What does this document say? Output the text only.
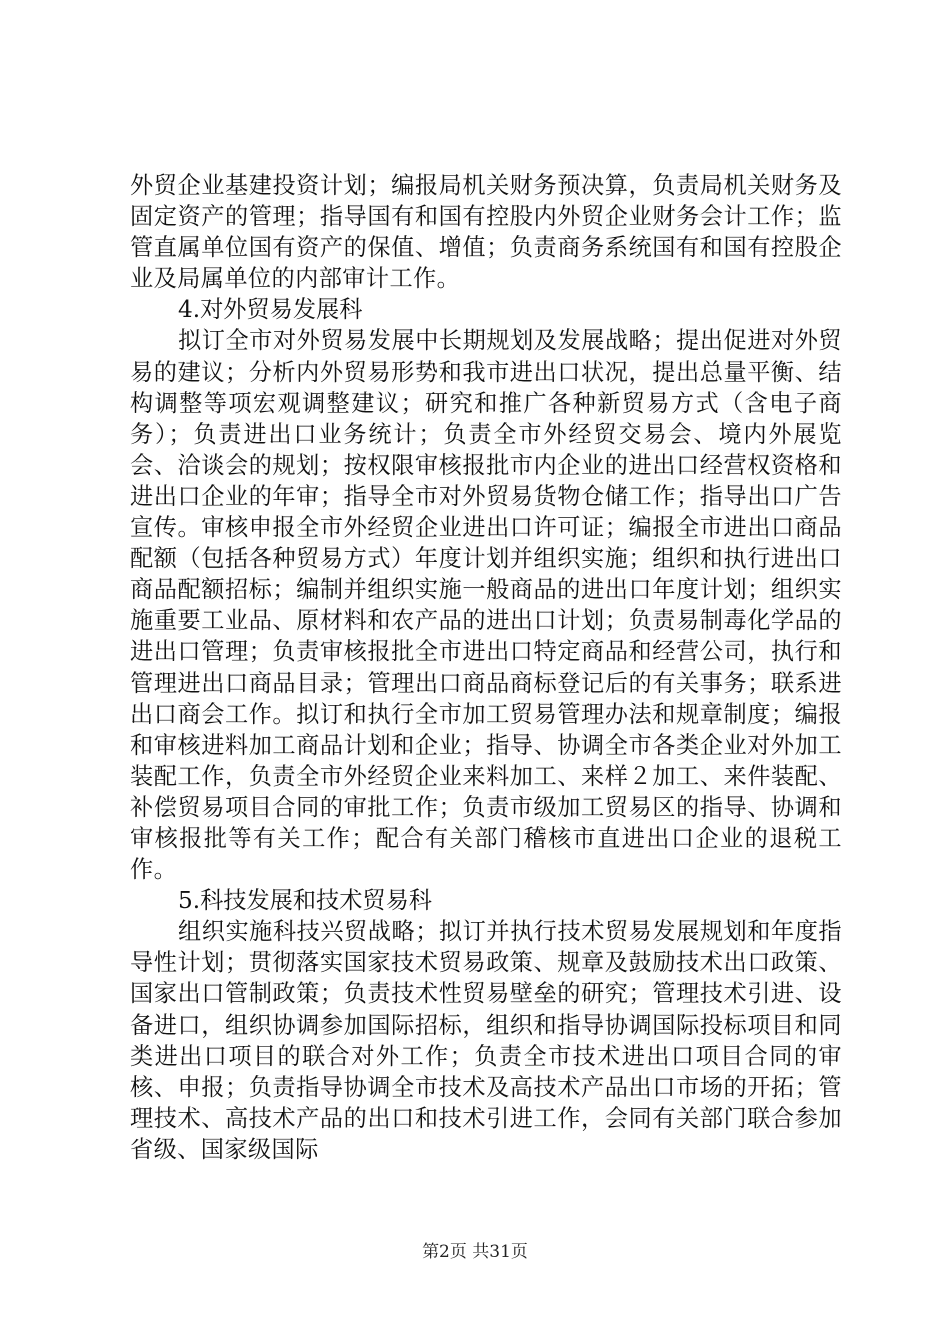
外贸企业基建投资计划；编报局机关财务预决算，负责局机关财务及固定资产的管理；指导国有和国有控股内外贸企业财务会计工作；监管直属单位国有资产的保值、增值；负责商务系统国有和国有控股企业及局属单位的内部审计工作。

4.对外贸易发展科

拟订全市对外贸易发展中长期规划及发展战略；提出促进对外贸易的建议；分析内外贸易形势和我市进出口状况，提出总量平衡、结构调整等项宏观调整建议；研究和推广各种新贸易方式（含电子商务）；负责进出口业务统计；负责全市外经贸交易会、境内外展览会、洽谈会的规划；按权限审核报批市内企业的进出口经营权资格和进出口企业的年审；指导全市对外贸易货物仓储工作；指导出口广告宣传。审核申报全市外经贸企业进出口许可证；编报全市进出口商品配额（包括各种贸易方式）年度计划并组织实施；组织和执行进出口商品配额招标；编制并组织实施一般商品的进出口年度计划；组织实施重要工业品、原材料和农产品的进出口计划；负责易制毒化学品的进出口管理；负责审核报批全市进出口特定商品和经营公司，执行和管理进出口商品目录；管理出口商品商标登记后的有关事务；联系进出口商会工作。拟订和执行全市加工贸易管理办法和规章制度；编报和审核进料加工商品计划和企业；指导、协调全市各类企业对外加工装配工作，负责全市外经贸企业来料加工、来样２加工、来件装配、补偿贸易项目合同的审批工作；负责市级加工贸易区的指导、协调和审核报批等有关工作；配合有关部门稽核市直进出口企业的退税工作。

5.科技发展和技术贸易科

组织实施科技兴贸战略；拟订并执行技术贸易发展规划和年度指导性计划；贯彻落实国家技术贸易政策、规章及鼓励技术出口政策、国家出口管制政策；负责技术性贸易壁垒的研究；管理技术引进、设备进口，组织协调参加国际招标，组织和指导协调国际投标项目和同类进出口项目的联合对外工作；负责全市技术进出口项目合同的审核、申报；负责指导协调全市技术及高技术产品出口市场的开拓；管理技术、高技术产品的出口和技术引进工作，会同有关部门联合参加省级、国家级国际

第2页 共31页
